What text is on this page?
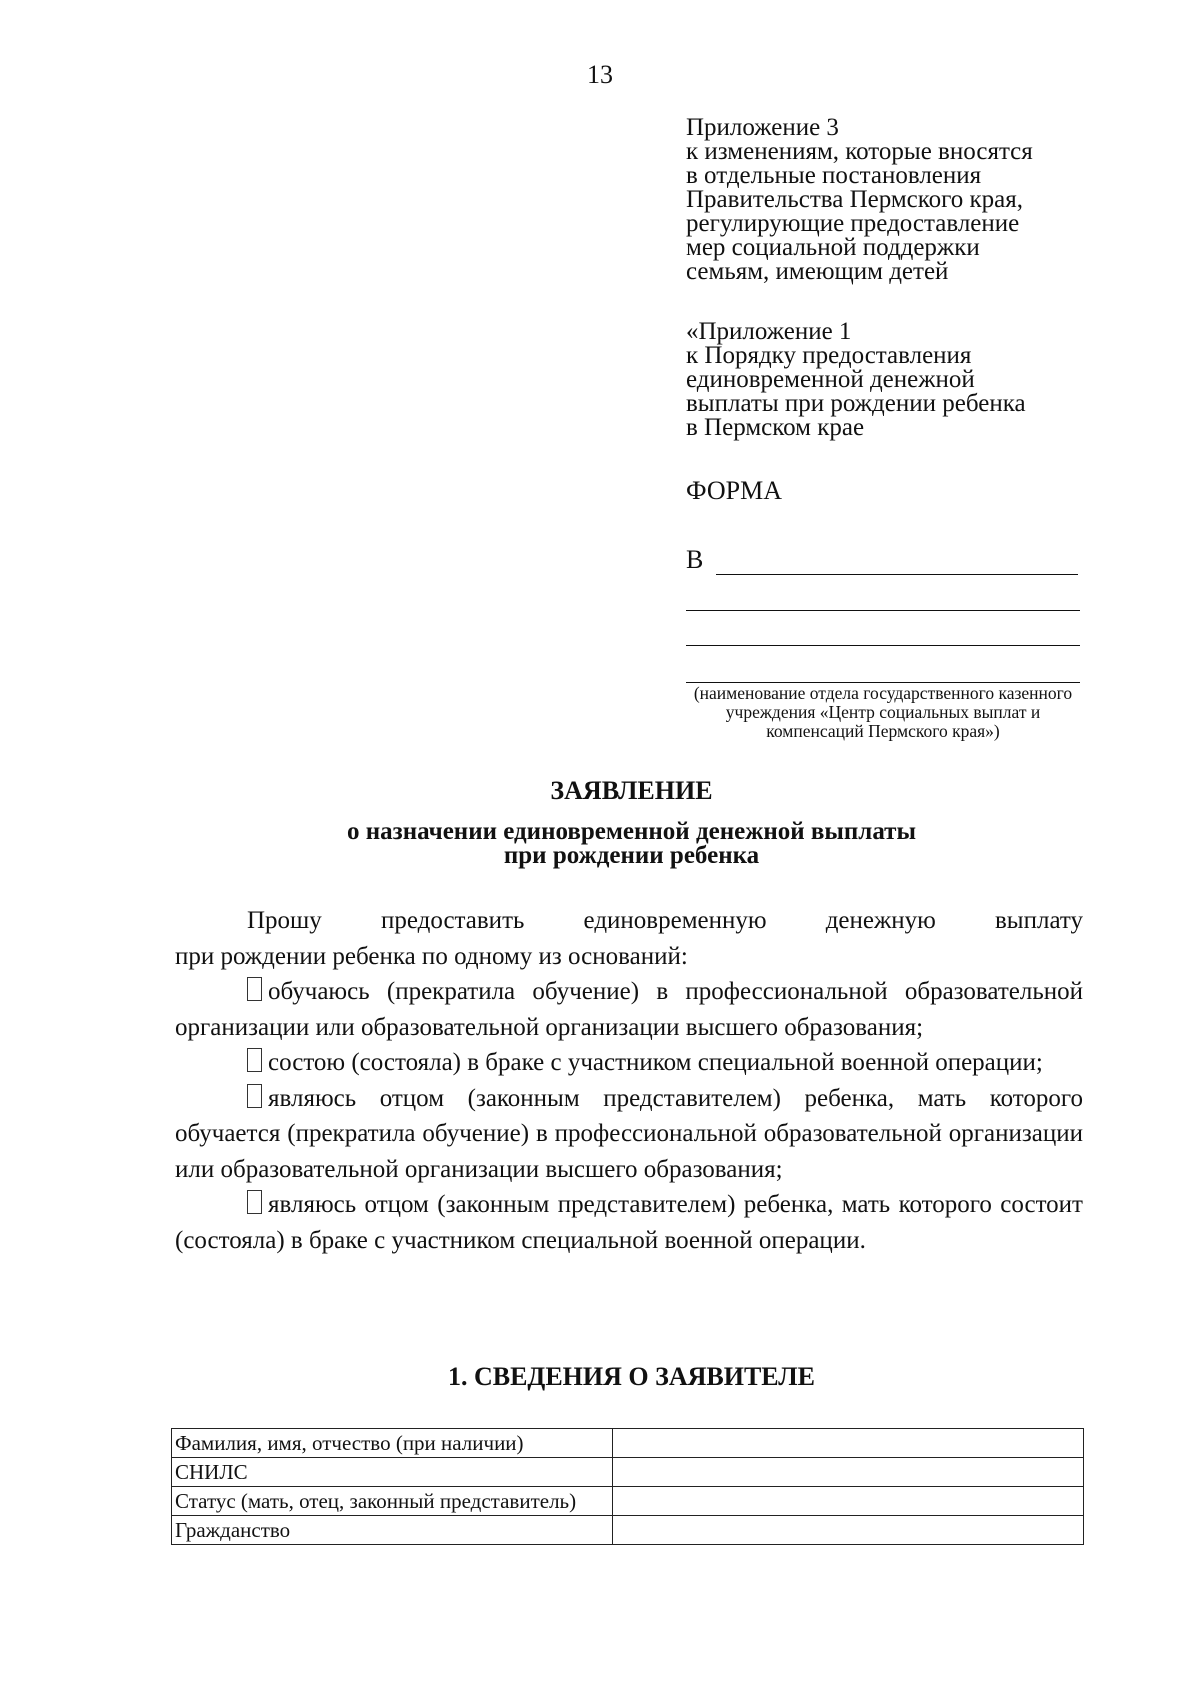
13
Приложение 3
к изменениям, которые вносятся
в отдельные постановления
Правительства Пермского края,
регулирующие предоставление
мер социальной поддержки
семьям, имеющим детей
«Приложение 1
к Порядку предоставления
единовременной денежной
выплаты при рождении ребенка
в Пермском крае
ФОРМА
В
(наименование отдела государственного казенного учреждения «Центр социальных выплат и компенсаций Пермского края»)
ЗАЯВЛЕНИЕ
о назначении единовременной денежной выплаты
при рождении ребенка
Прошу предоставить единовременную денежную выплату
при рождении ребенка по одному из оснований:
обучаюсь (прекратила обучение) в профессиональной образовательной организации или образовательной организации высшего образования;
состою (состояла) в браке с участником специальной военной операции;
являюсь отцом (законным представителем) ребенка, мать которого обучается (прекратила обучение) в профессиональной образовательной организации или образовательной организации высшего образования;
являюсь отцом (законным представителем) ребенка, мать которого состоит (состояла) в браке с участником специальной военной операции.
1. СВЕДЕНИЯ О ЗАЯВИТЕЛЕ
Фамилия, имя, отчество (при наличии)	
СНИЛС	
Статус (мать, отец, законный представитель)	
Гражданство	
